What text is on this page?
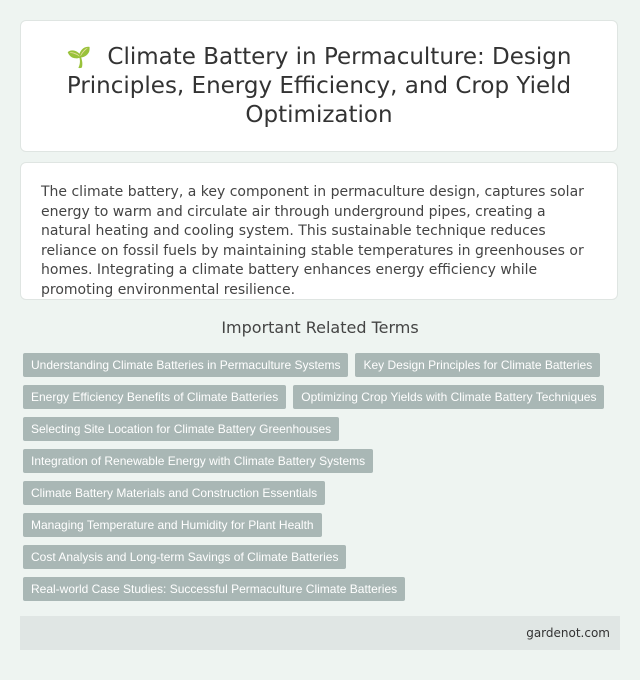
🌱 Climate Battery in Permaculture: Design Principles, Energy Efficiency, and Crop Yield Optimization

The climate battery, a key component in permaculture design, captures solar energy to warm and circulate air through underground pipes, creating a natural heating and cooling system. This sustainable technique reduces reliance on fossil fuels by maintaining stable temperatures in greenhouses or homes. Integrating a climate battery enhances energy efficiency while promoting environmental resilience.

Important Related Terms
Understanding Climate Batteries in Permaculture Systems	Key Design Principles for Climate Batteries
Energy Efficiency Benefits of Climate Batteries	Optimizing Crop Yields with Climate Battery Techniques
Selecting Site Location for Climate Battery Greenhouses
Integration of Renewable Energy with Climate Battery Systems
Climate Battery Materials and Construction Essentials
Managing Temperature and Humidity for Plant Health
Cost Analysis and Long-term Savings of Climate Batteries
Real-world Case Studies: Successful Permaculture Climate Batteries
gardenot.com
